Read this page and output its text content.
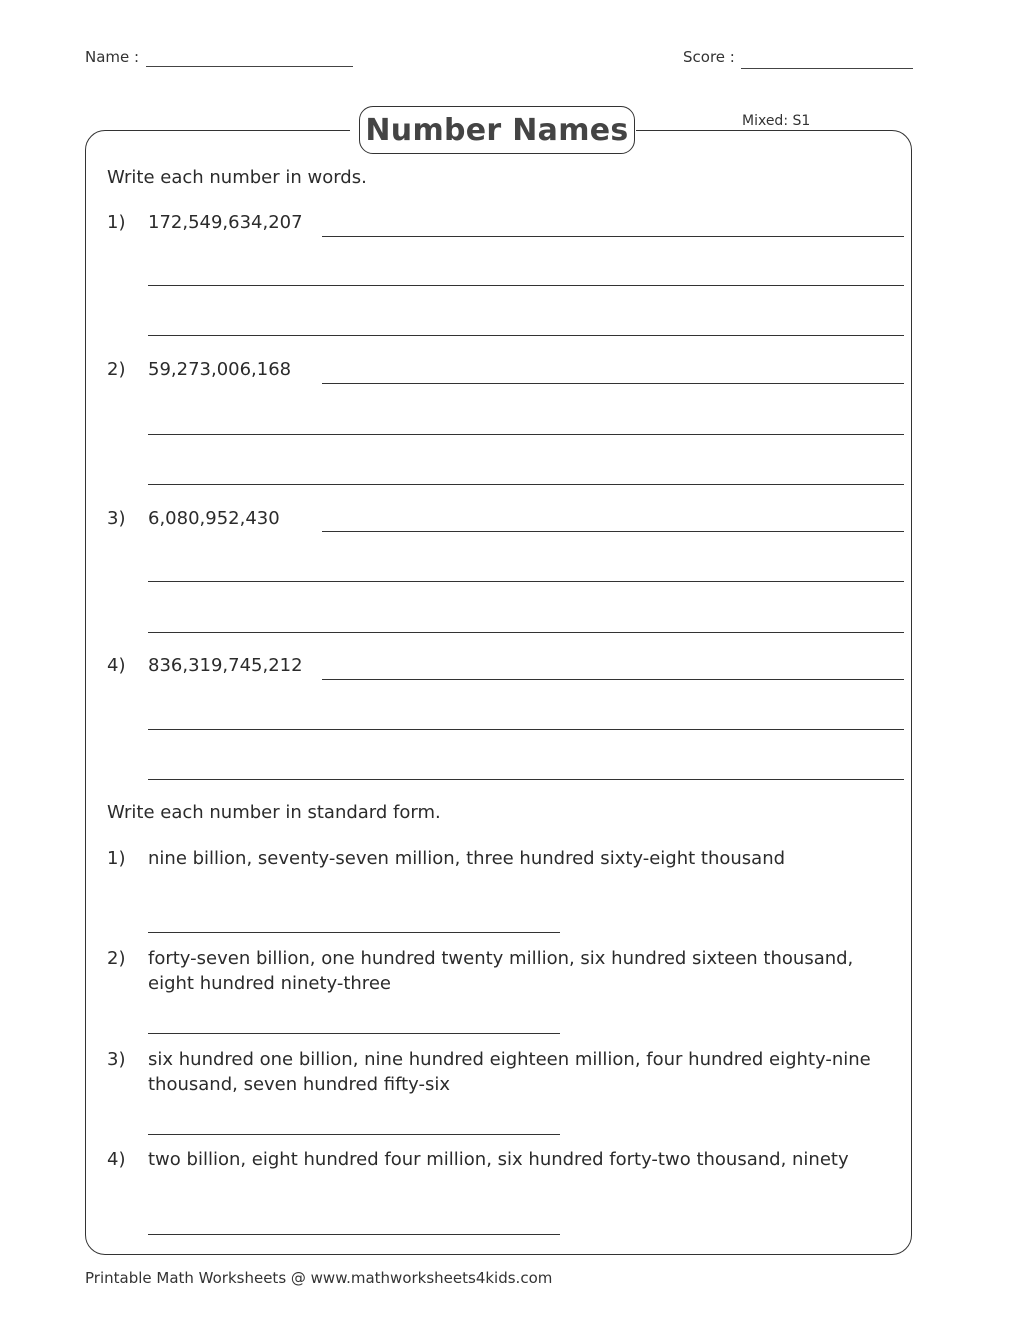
Name :	Score :
Number Names	Mixed: S1
Write each number in words.
1) 172,549,634,207
2) 59,273,006,168
3) 6,080,952,430
4) 836,319,745,212
Write each number in standard form.
1) nine billion, seventy-seven million, three hundred sixty-eight thousand
2) forty-seven billion, one hundred twenty million, six hundred sixteen thousand,
eight hundred ninety-three
3) six hundred one billion, nine hundred eighteen million, four hundred eighty-nine
thousand, seven hundred fifty-six
4) two billion, eight hundred four million, six hundred forty-two thousand, ninety
Printable Math Worksheets @ www.mathworksheets4kids.com
